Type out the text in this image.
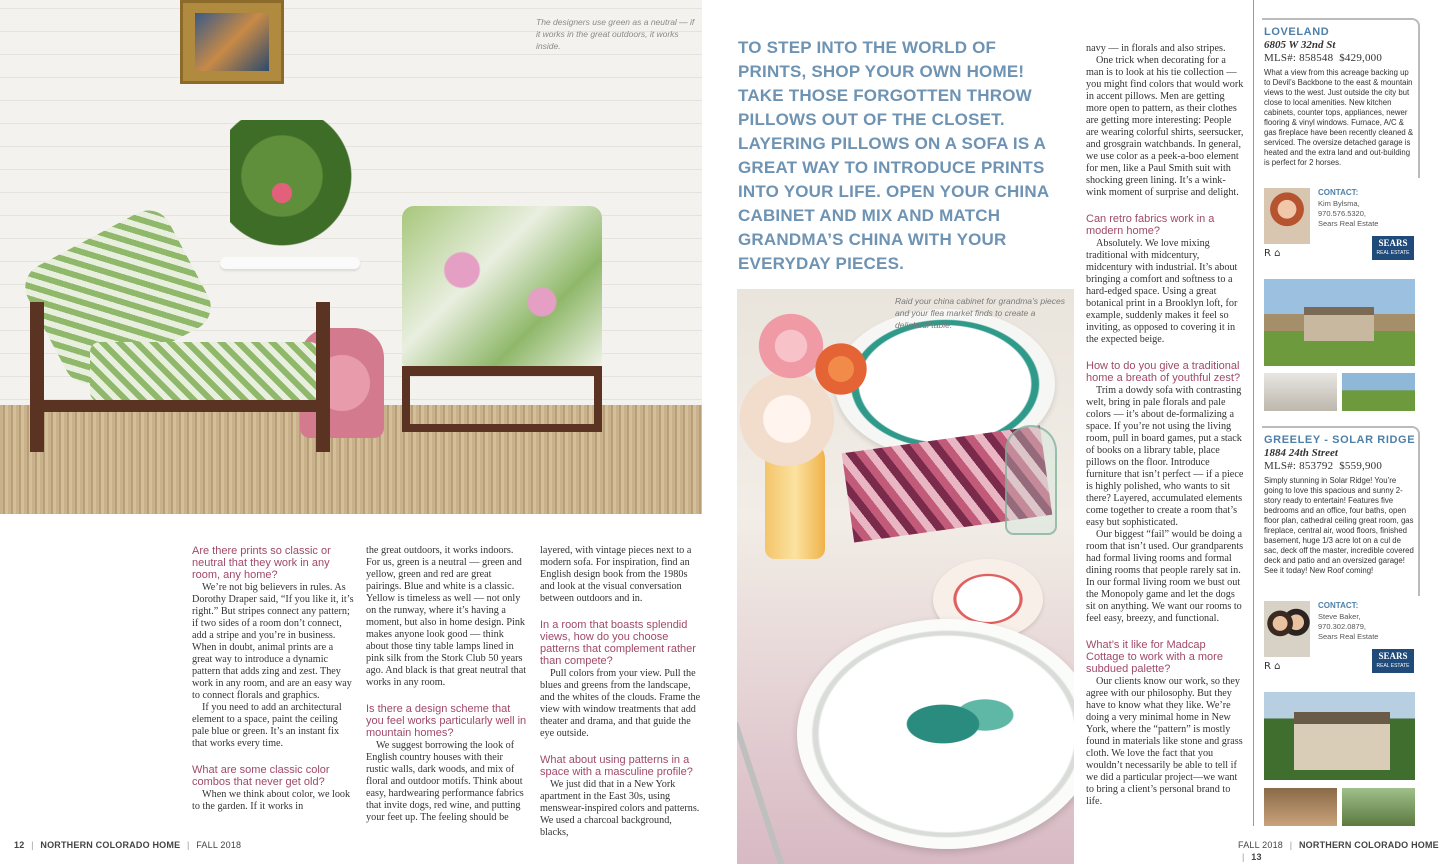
The designers use green as a neutral — if it works in the great outdoors, it works inside.
Are there prints so classic or neutral that they work in any room, any home?

We’re not big believers in rules. As Dorothy Draper said, “If you like it, it’s right.” But stripes connect any pattern; if two sides of a room don’t connect, add a stripe and you’re in business. When in doubt, animal prints are a great way to introduce a dynamic pattern that adds zing and zest. They work in any room, and are an easy way to connect florals and graphics.

If you need to add an architectural element to a space, paint the ceiling pale blue or green. It’s an instant fix that works every time.

What are some classic color combos that never get old?

When we think about color, we look to the garden. If it works in

the great outdoors, it works indoors. For us, green is a neutral — green and yellow, green and red are great pairings. Blue and white is a classic. Yellow is timeless as well — not only on the runway, where it’s having a moment, but also in home design. Pink makes anyone look good — think about those tiny table lamps lined in pink silk from the Stork Club 50 years ago. And black is that great neutral that works in any room.

Is there a design scheme that you feel works particularly well in mountain homes?

We suggest borrowing the look of English country houses with their rustic walls, dark woods, and mix of floral and outdoor motifs. Think about easy, hardwearing performance fabrics that invite dogs, red wine, and putting your feet up. The feeling should be

layered, with vintage pieces next to a modern sofa. For inspiration, find an English design book from the 1980s and look at the visual conversation between outdoors and in.

In a room that boasts splendid views, how do you choose patterns that complement rather than compete?

Pull colors from your view. Pull the blues and greens from the landscape, and the whites of the clouds. Frame the view with window treatments that add theater and drama, and that guide the eye outside.

What about using patterns in a space with a masculine profile?

We just did that in a New York apartment in the East 30s, using menswear-inspired colors and patterns. We used a charcoal background, blacks,

12 | NORTHERN COLORADO HOME | FALL 2018
TO STEP INTO THE WORLD OF PRINTS, SHOP YOUR OWN HOME! TAKE THOSE FORGOTTEN THROW PILLOWS OUT OF THE CLOSET. LAYERING PILLOWS ON A SOFA IS A GREAT WAY TO INTRODUCE PRINTS INTO YOUR LIFE. OPEN YOUR CHINA CABINET AND MIX AND MATCH GRANDMA’S CHINA WITH YOUR EVERYDAY PIECES.
Raid your china cabinet for grandma’s pieces and your flea market finds to create a delightful table.

navy — in florals and also stripes.

One trick when decorating for a man is to look at his tie collection — you might find colors that would work in accent pillows. Men are getting more open to pattern, as their clothes are getting more interesting: People are wearing colorful shirts, seersucker, and grosgrain watchbands. In general, we use color as a peek-a-boo element for men, like a Paul Smith suit with shocking green lining. It’s a wink-wink moment of surprise and delight.

Can retro fabrics work in a modern home?

Absolutely. We love mixing traditional with midcentury, midcentury with industrial. It’s about bringing a comfort and softness to a hard-edged space. Using a great botanical print in a Brooklyn loft, for example, suddenly makes it feel so inviting, as opposed to covering it in the expected beige.

How to do you give a traditional home a breath of youthful zest?

Trim a dowdy sofa with contrasting welt, bring in pale florals and pale colors — it’s about de-formalizing a space. If you’re not using the living room, pull in board games, put a stack of books on a library table, place pillows on the floor. Introduce furniture that isn’t perfect — if a piece is highly polished, who wants to sit there? Layered, accumulated elements come together to create a room that’s easy but sophisticated.

Our biggest “fail” would be doing a room that isn’t used. Our grandparents had formal living rooms and formal dining rooms that people rarely sat in. In our formal living room we bust out the Monopoly game and let the dogs sit on anything. We want our rooms to feel easy, breezy, and functional.

What’s it like for Madcap Cottage to work with a more subdued palette?

Our clients know our work, so they agree with our philosophy. But they have to know what they like. We’re doing a very minimal home in New York, where the “pattern” is mostly found in materials like stone and grass cloth. We love the fact that you wouldn’t necessarily be able to tell if we did a particular project—we want to bring a client’s personal brand to life.

FALL 2018 | NORTHERN COLORADO HOME | 13
LOVELAND
6805 W 32nd St
MLS#: 858548 $429,000
What a view from this acreage backing up to Devil’s Backbone to the east & mountain views to the west. Just outside the city but close to local amenities. New kitchen cabinets, counter tops, appliances, newer flooring & vinyl windows. Furnace, A/C & gas fireplace have been recently cleaned & serviced. The oversize detached garage is heated and the extra land and out-building is perfect for 2 horses.
CONTACT:
Kim Bylsma,
970.576.5320,
Sears Real Estate
R ⌂
SEARS
REAL ESTATE
GREELEY - SOLAR RIDGE
1884 24th Street
MLS#: 853792 $559,900
Simply stunning in Solar Ridge! You’re going to love this spacious and sunny 2-story ready to entertain! Features five bedrooms and an office, four baths, open floor plan, cathedral ceiling great room, gas fireplace, central air, wood floors, finished basement, huge 1/3 acre lot on a cul de sac, deck off the master, incredible covered deck and patio and an oversized garage! See it today! New Roof coming!
CONTACT:
Steve Baker,
970.302.0879,
Sears Real Estate
R ⌂
SEARS
REAL ESTATE
